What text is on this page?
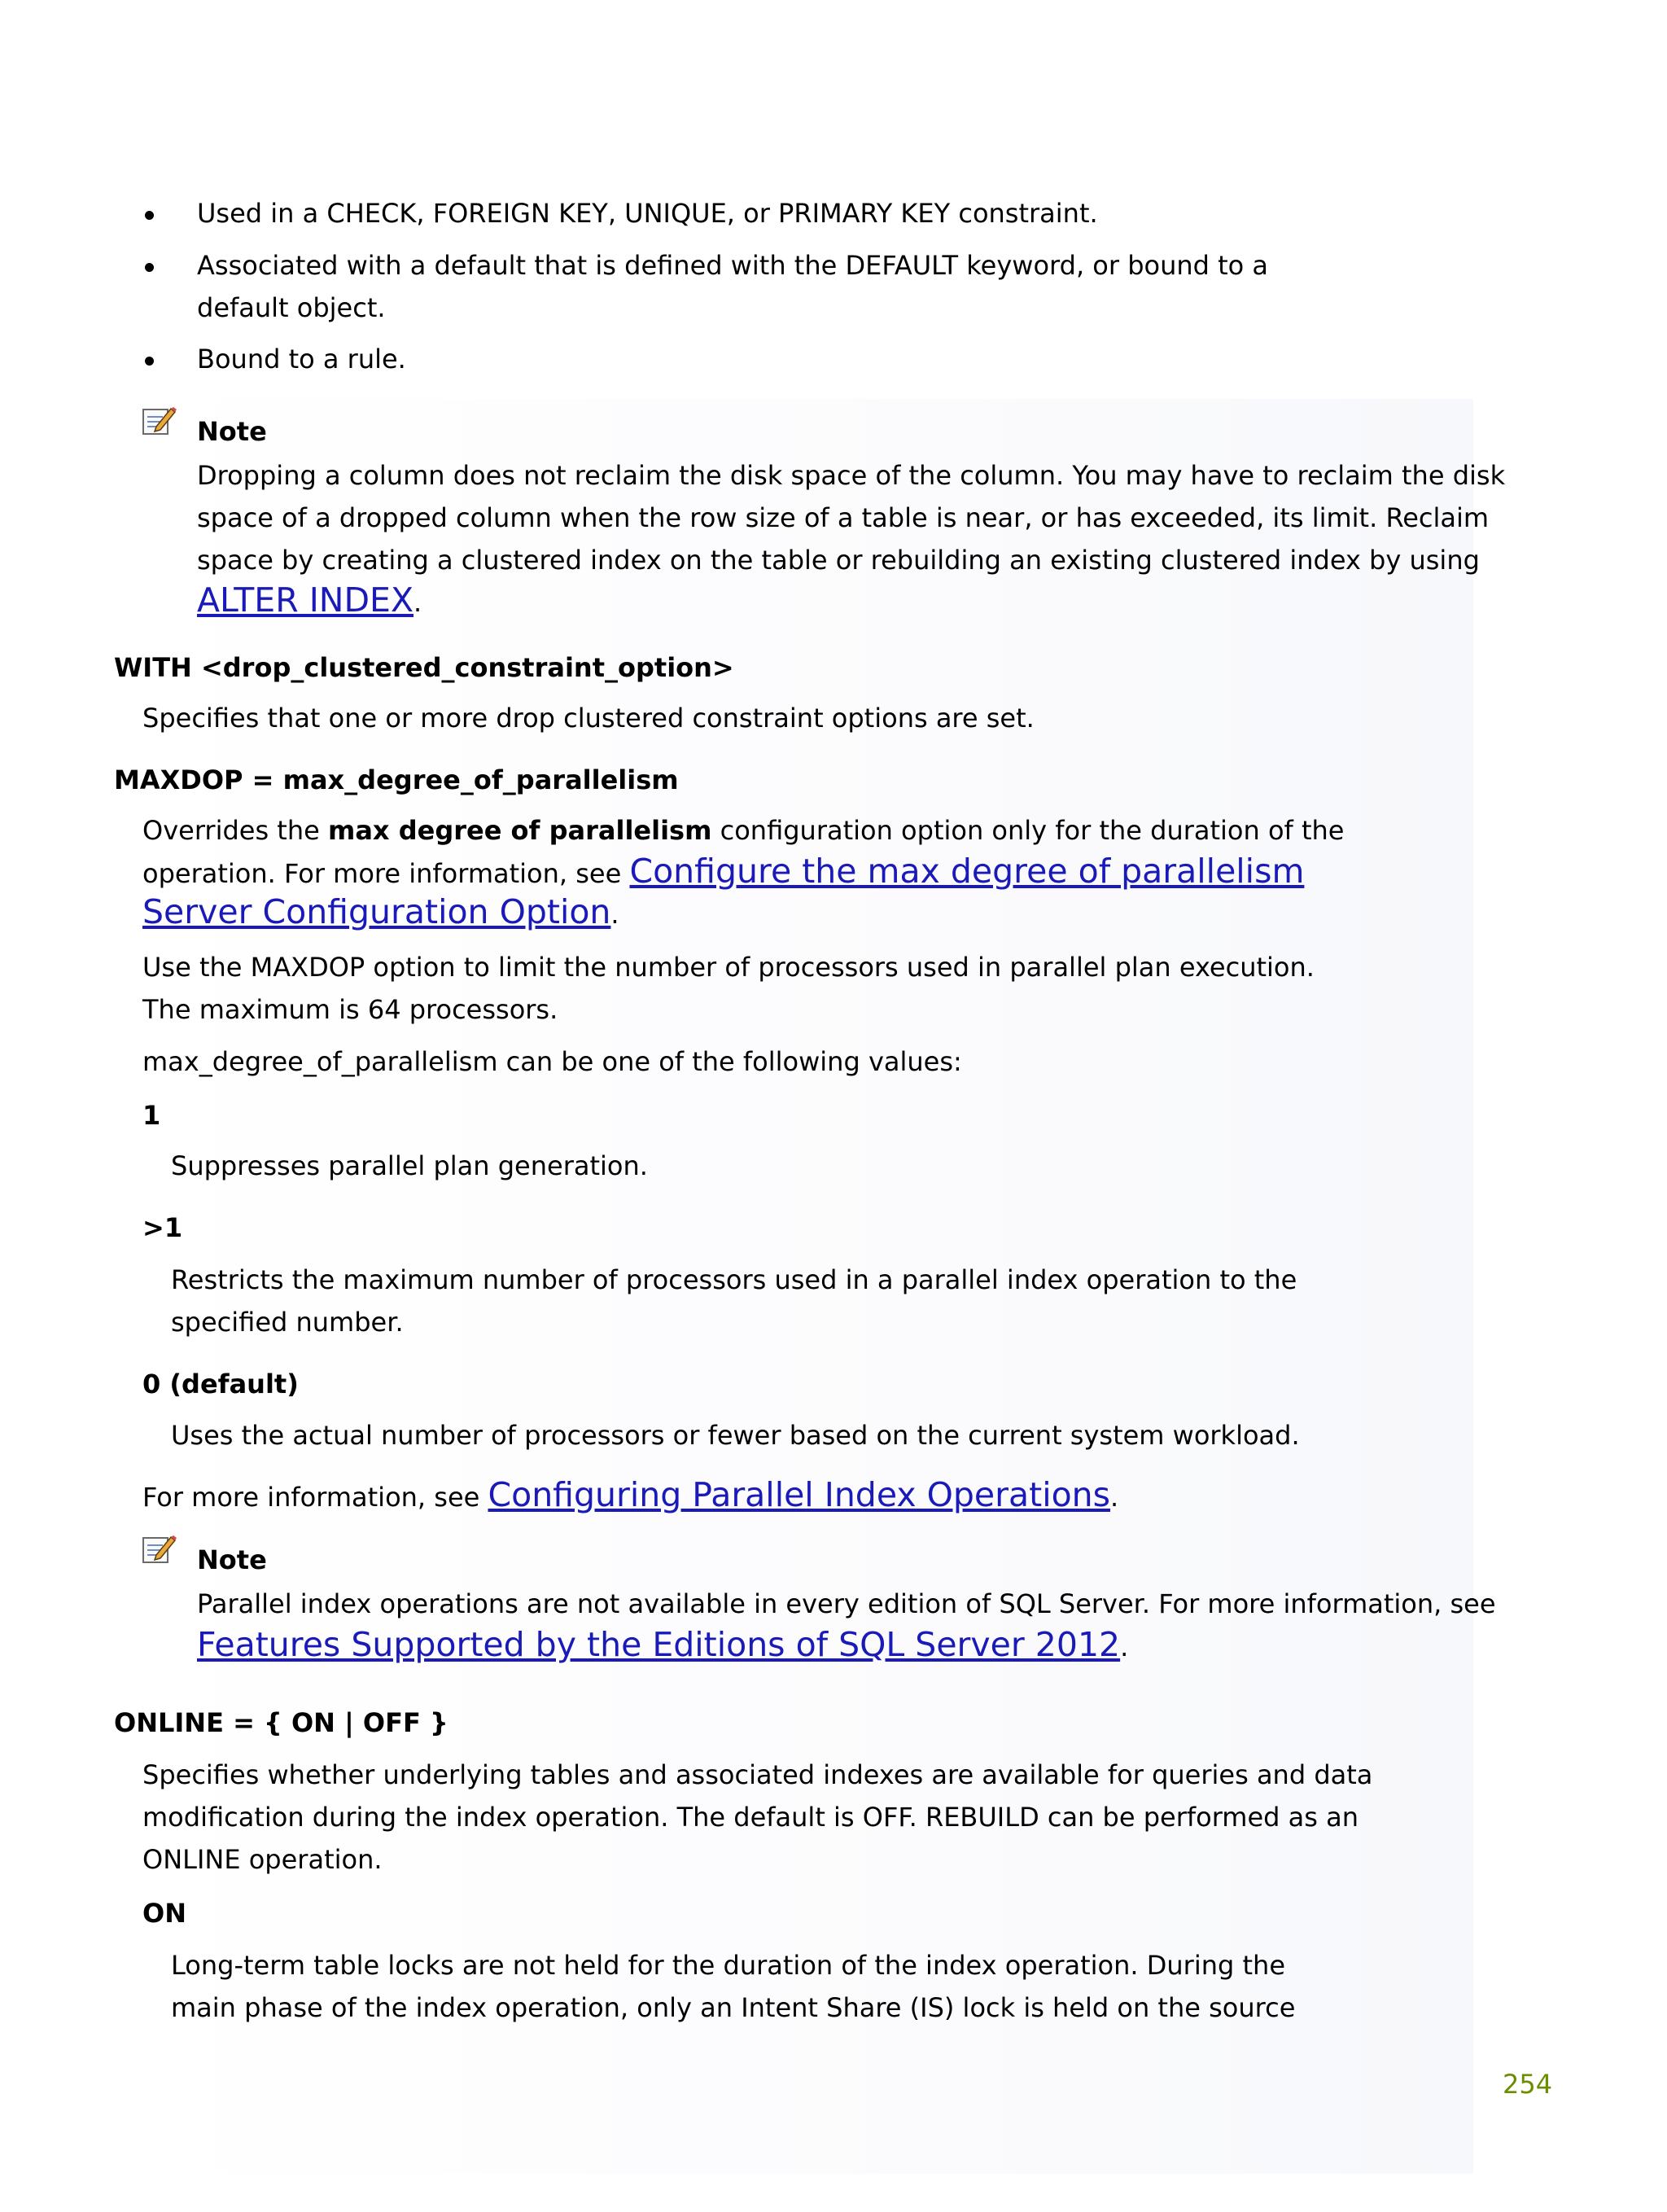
Used in a CHECK, FOREIGN KEY, UNIQUE, or PRIMARY KEY constraint.
Associated with a default that is defined with the DEFAULT keyword, or bound to a
default object.
Bound to a rule.
Note
Dropping a column does not reclaim the disk space of the column. You may have to reclaim the disk
space of a dropped column when the row size of a table is near, or has exceeded, its limit. Reclaim
space by creating a clustered index on the table or rebuilding an existing clustered index by using
ALTER INDEX.
WITH <drop_clustered_constraint_option>
Specifies that one or more drop clustered constraint options are set.
MAXDOP = max_degree_of_parallelism
Overrides the max degree of parallelism configuration option only for the duration of the
operation. For more information, see Configure the max degree of parallelism
Server Configuration Option.
Use the MAXDOP option to limit the number of processors used in parallel plan execution.
The maximum is 64 processors.
max_degree_of_parallelism can be one of the following values:
1
Suppresses parallel plan generation.
>1
Restricts the maximum number of processors used in a parallel index operation to the
specified number.
0 (default)
Uses the actual number of processors or fewer based on the current system workload.
For more information, see Configuring Parallel Index Operations.
Note
Parallel index operations are not available in every edition of SQL Server. For more information, see
Features Supported by the Editions of SQL Server 2012.
ONLINE = { ON | OFF }
Specifies whether underlying tables and associated indexes are available for queries and data
modification during the index operation. The default is OFF. REBUILD can be performed as an
ONLINE operation.
ON
Long-term table locks are not held for the duration of the index operation. During the
main phase of the index operation, only an Intent Share (IS) lock is held on the source
254
